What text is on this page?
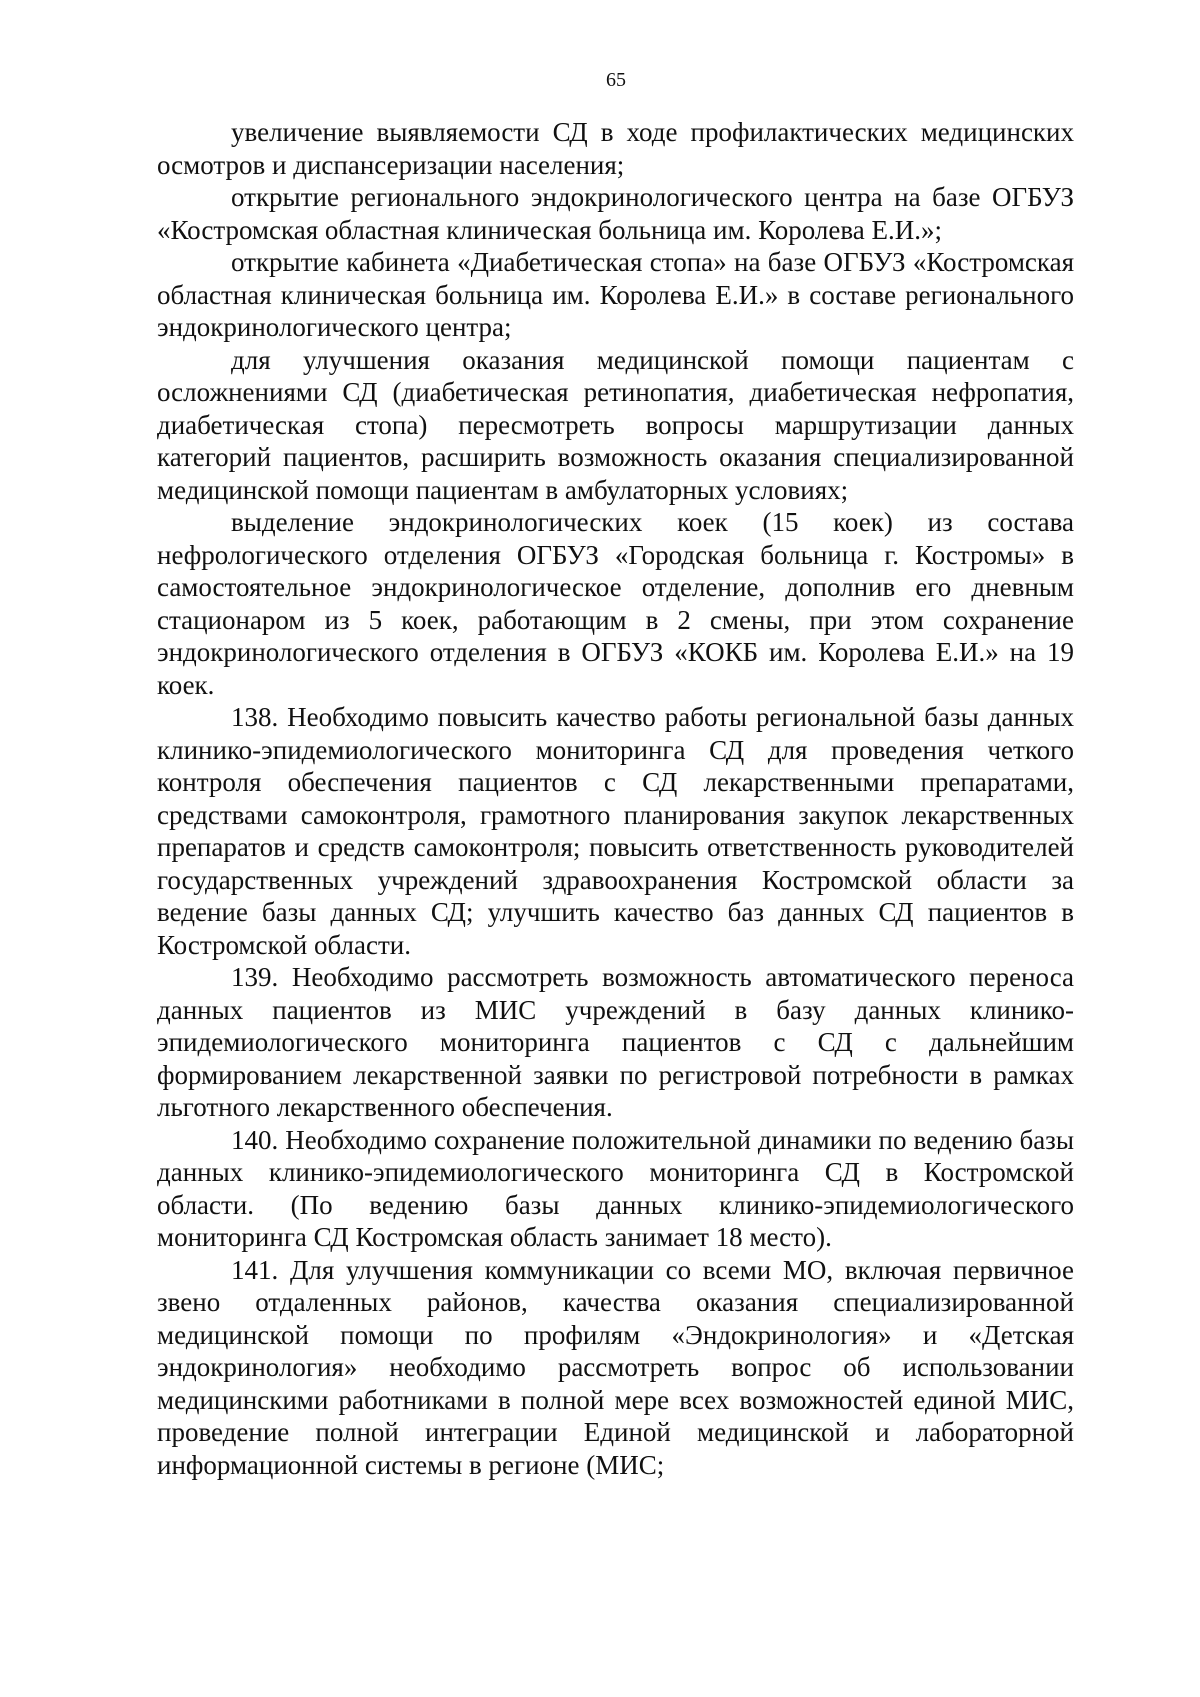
65

увеличение выявляемости СД в ходе профилактических медицинских осмотров и диспансеризации населения;

открытие регионального эндокринологического центра на базе ОГБУЗ «Костромская областная клиническая больница им. Королева Е.И.»;

открытие кабинета «Диабетическая стопа» на базе ОГБУЗ «Костромская областная клиническая больница им. Королева Е.И.» в составе регионального эндокринологического центра;

для улучшения оказания медицинской помощи пациентам с осложнениями СД (диабетическая ретинопатия, диабетическая нефропатия, диабетическая стопа) пересмотреть вопросы маршрутизации данных категорий пациентов, расширить возможность оказания специализированной медицинской помощи пациентам в амбулаторных условиях;

выделение эндокринологических коек (15 коек) из состава нефрологического отделения ОГБУЗ «Городская больница г. Костромы» в самостоятельное эндокринологическое отделение, дополнив его дневным стационаром из 5 коек, работающим в 2 смены, при этом сохранение эндокринологического отделения в ОГБУЗ «КОКБ им. Королева Е.И.» на 19 коек.

138. Необходимо повысить качество работы региональной базы данных клинико-эпидемиологического мониторинга СД для проведения четкого контроля обеспечения пациентов с СД лекарственными препаратами, средствами самоконтроля, грамотного планирования закупок лекарственных препаратов и средств самоконтроля; повысить ответственность руководителей государственных учреждений здравоохранения Костромской области за ведение базы данных СД; улучшить качество баз данных СД пациентов в Костромской области.

139. Необходимо рассмотреть возможность автоматического переноса данных пациентов из МИС учреждений в базу данных клинико-эпидемиологического мониторинга пациентов с СД с дальнейшим формированием лекарственной заявки по регистровой потребности в рамках льготного лекарственного обеспечения.

140. Необходимо сохранение положительной динамики по ведению базы данных клинико-эпидемиологического мониторинга СД в Костромской области. (По ведению базы данных клинико-эпидемиологического мониторинга СД Костромская область занимает 18 место).

141. Для улучшения коммуникации со всеми МО, включая первичное звено отдаленных районов, качества оказания специализированной медицинской помощи по профилям «Эндокринология» и «Детская эндокринология» необходимо рассмотреть вопрос об использовании медицинскими работниками в полной мере всех возможностей единой МИС, проведение полной интеграции Единой медицинской и лабораторной информационной системы в регионе (МИС;
